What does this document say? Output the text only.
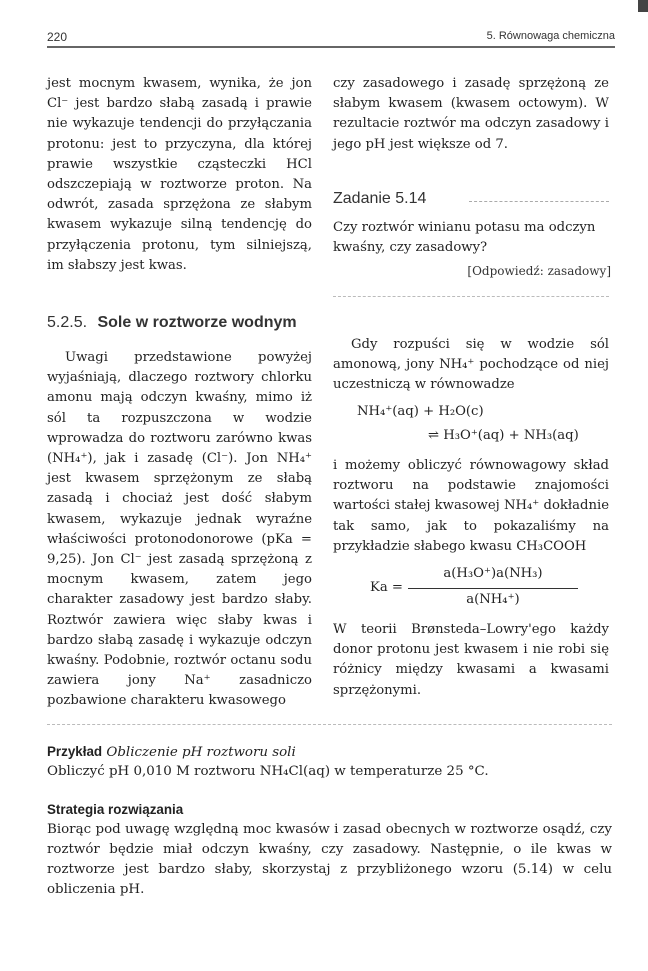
220	5. Równowaga chemiczna

jest mocnym kwasem, wynika, że jon Cl⁻ jest bardzo słabą zasadą i prawie nie wykazuje tendencji do przyłączania protonu: jest to przyczyna, dla której prawie wszystkie cząsteczki HCl odszczepiają w roztworze proton. Na odwrót, zasada sprzężona ze słabym kwasem wykazuje silną tendencję do przyłączenia protonu, tym silniejszą, im słabszy jest kwas.

5.2.5. Sole w roztworze wodnym

Uwagi przedstawione powyżej wyjaśniają, dlaczego roztwory chlorku amonu mają odczyn kwaśny, mimo iż sól ta rozpuszczona w wodzie wprowadza do roztworu zarówno kwas (NH₄⁺), jak i zasadę (Cl⁻). Jon NH₄⁺ jest kwasem sprzężonym ze słabą zasadą i chociaż jest dość słabym kwasem, wykazuje jednak wyraźne właściwości protonodonorowe (pKa = 9,25). Jon Cl⁻ jest zasadą sprzężoną z mocnym kwasem, zatem jego charakter zasadowy jest bardzo słaby. Roztwór zawiera więc słaby kwas i bardzo słabą zasadę i wykazuje odczyn kwaśny. Podobnie, roztwór octanu sodu zawiera jony Na⁺ zasadniczo pozbawione charakteru kwasowego

czy zasadowego i zasadę sprzężoną ze słabym kwasem (kwasem octowym). W rezultacie roztwór ma odczyn zasadowy i jego pH jest większe od 7.

Zadanie 5.14
Czy roztwór winianu potasu ma odczyn kwaśny, czy zasadowy?
[Odpowiedź: zasadowy]

Gdy rozpuści się w wodzie sól amonową, jony NH₄⁺ pochodzące od niej uczestniczą w równowadze

NH₄⁺(aq) + H₂O(c)
⇌ H₃O⁺(aq) + NH₃(aq)

i możemy obliczyć równowagowy skład roztworu na podstawie znajomości wartości stałej kwasowej NH₄⁺ dokładnie tak samo, jak to pokazaliśmy na przykładzie słabego kwasu CH₃COOH

Ka =
a(H₃O⁺)a(NH₃)
a(NH₄⁺)

W teorii Brønsteda–Lowry'ego każdy donor protonu jest kwasem i nie robi się różnicy między kwasami a kwasami sprzężonymi.

Przykład Obliczenie pH roztworu soli
Obliczyć pH 0,010 M roztworu NH₄Cl(aq) w temperaturze 25 °C.
Strategia rozwiązania
Biorąc pod uwagę względną moc kwasów i zasad obecnych w roztworze osądź, czy roztwór będzie miał odczyn kwaśny, czy zasadowy. Następnie, o ile kwas w roztworze jest bardzo słaby, skorzystaj z przybliżonego wzoru (5.14) w celu obliczenia pH.
